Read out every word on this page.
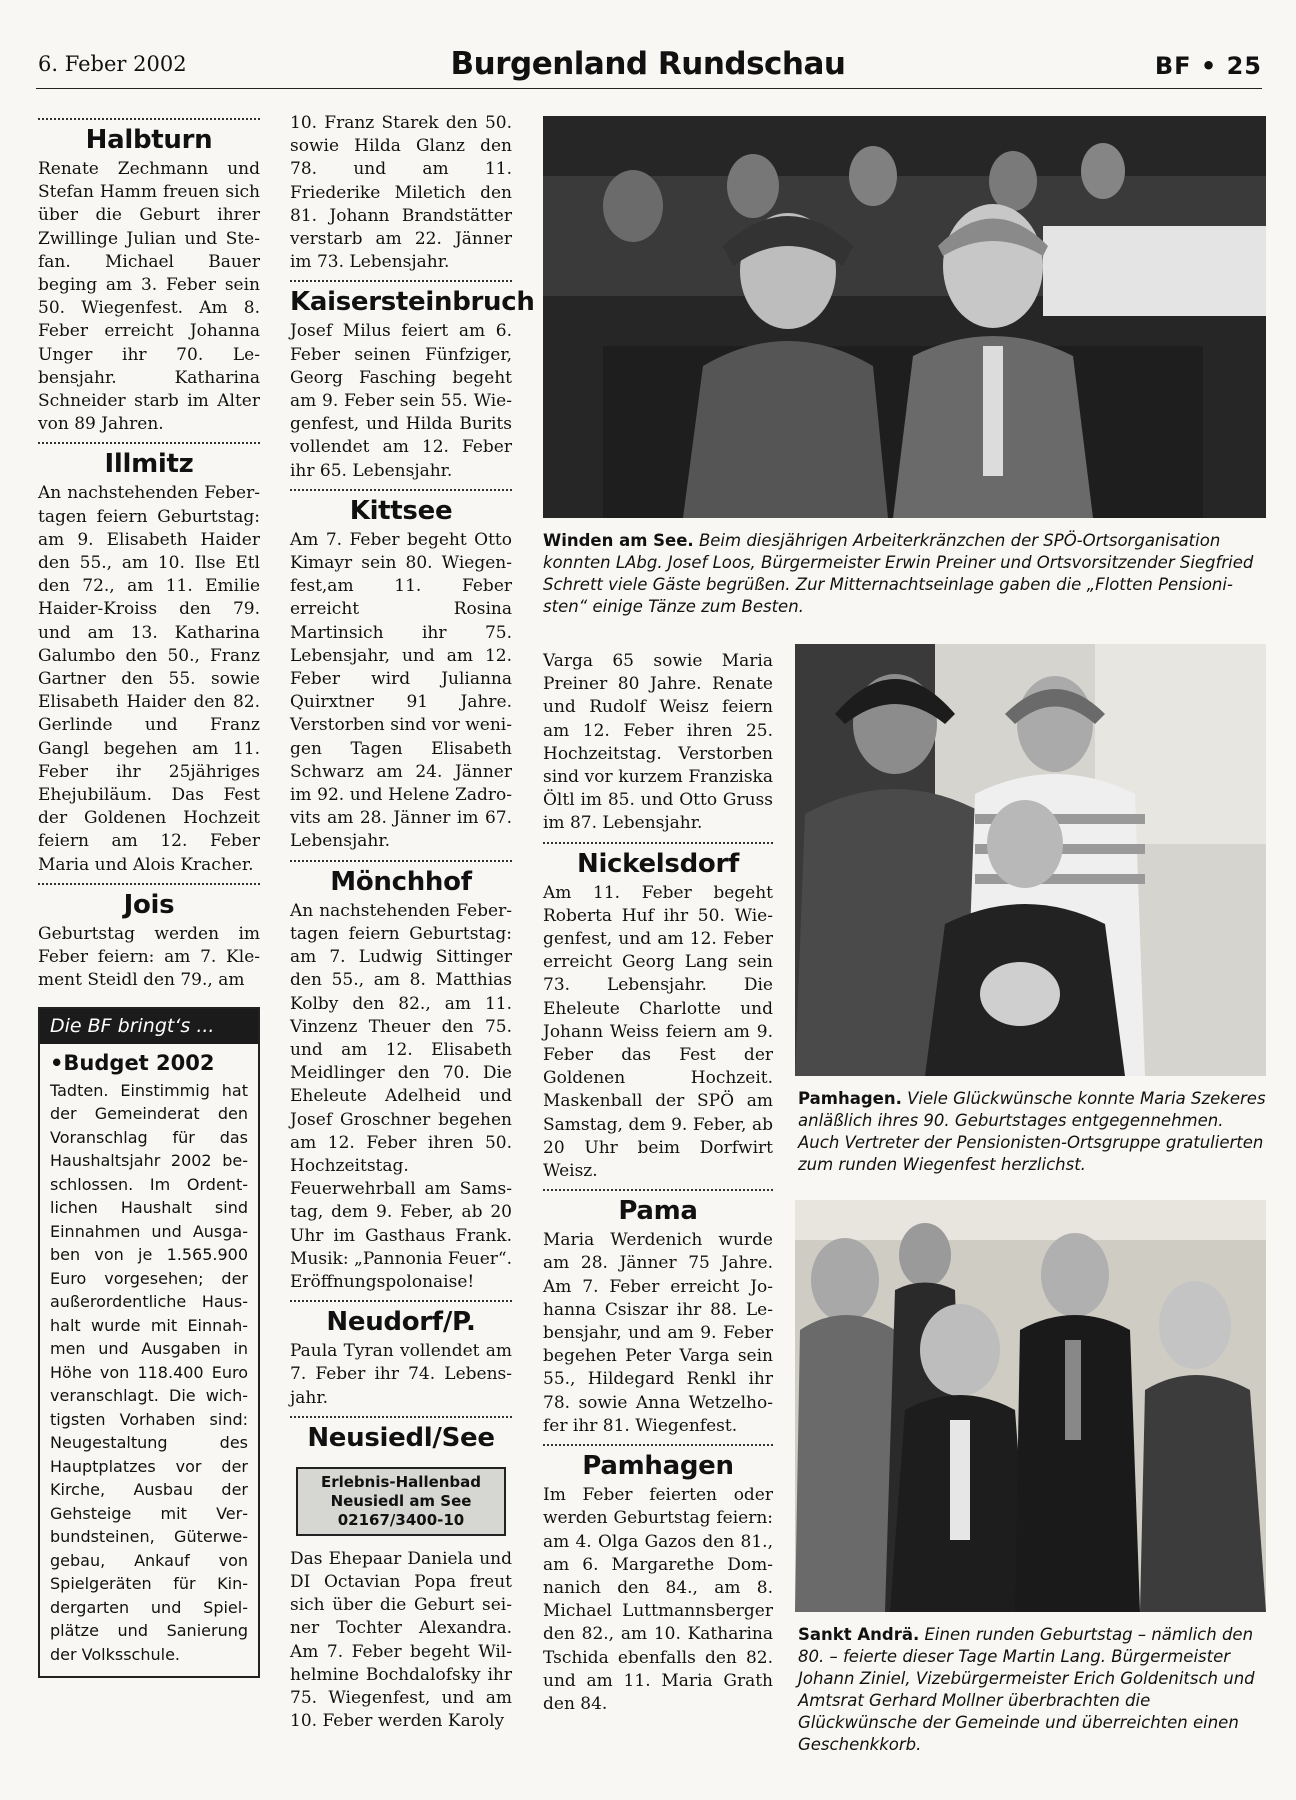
6. Feber 2002	Burgenland Rundschau	BF • 25
Halbturn

Renate Zechmann und Stefan Hamm freuen sich über die Geburt ihrer Zwillinge Julian und Stefan. Michael Bauer beging am 3. Feber sein 50. Wiegenfest. Am 8. Feber erreicht Johanna Unger ihr 70. Lebensjahr. Katharina Schneider starb im Alter von 89 Jahren.

Illmitz

An nachstehenden Febertagen feiern Geburtstag: am 9. Elisabeth Haider den 55., am 10. Ilse Etl den 72., am 11. Emilie Haider-Kroiss den 79. und am 13. Katharina Galumbo den 50., Franz Gartner den 55. sowie Elisabeth Haider den 82. Gerlinde und Franz Gangl begehen am 11. Feber ihr 25jähriges Ehejubiläum. Das Fest der Goldenen Hochzeit feiern am 12. Feber Maria und Alois Kracher.

Jois

Geburtstag werden im Feber feiern: am 7. Klement Steidl den 79., am

Die BF bringt‘s ...
•Budget 2002

Tadten. Einstimmig hat der Gemeinderat den Voranschlag für das Haushaltsjahr 2002 beschlossen. Im Ordentlichen Haushalt sind Einnahmen und Ausgaben von je 1.565.900 Euro vorgesehen; der außerordentliche Haushalt wurde mit Einnahmen und Ausgaben in Höhe von 118.400 Euro veranschlagt. Die wichtigsten Vorhaben sind: Neugestaltung des Hauptplatzes vor der Kirche, Ausbau der Gehsteige mit Verbundsteinen, Güterwegebau, Ankauf von Spielgeräten für Kindergarten und Spielplätze und Sanierung der Volksschule.

10. Franz Starek den 50. sowie Hilda Glanz den 78. und am 11. Friederike Miletich den 81. Johann Brandstätter verstarb am 22. Jänner im 73. Lebensjahr.

Kaisersteinbruch

Josef Milus feiert am 6. Feber seinen Fünfziger, Georg Fasching begeht am 9. Feber sein 55. Wiegenfest, und Hilda Burits vollendet am 12. Feber ihr 65. Lebensjahr.

Kittsee

Am 7. Feber begeht Otto Kimayr sein 80. Wiegenfest,am 11. Feber erreicht Rosina Martinsich ihr 75. Lebensjahr, und am 12. Feber wird Julianna Quirxtner 91 Jahre. Verstorben sind vor wenigen Tagen Elisabeth Schwarz am 24. Jänner im 92. und Helene Zadrovits am 28. Jänner im 67. Lebensjahr.

Mönchhof

An nachstehenden Febertagen feiern Geburtstag: am 7. Ludwig Sittinger den 55., am 8. Matthias Kolby den 82., am 11. Vinzenz Theuer den 75. und am 12. Elisabeth Meidlinger den 70. Die Eheleute Adelheid und Josef Groschner begehen am 12. Feber ihren 50. Hochzeitstag. Feuerwehrball am Samstag, dem 9. Feber, ab 20 Uhr im Gasthaus Frank. Musik: „Pannonia Feuer“. Eröffnungspolonaise!

Neudorf/P.

Paula Tyran vollendet am 7. Feber ihr 74. Lebensjahr.

Neusiedl/See
Erlebnis-Hallenbad
Neusiedl am See
02167/3400-10

Das Ehepaar Daniela und DI Octavian Popa freut sich über die Geburt seiner Tochter Alexandra. Am 7. Feber begeht Wilhelmine Bochdalofsky ihr 75. Wiegenfest, und am 10. Feber werden Karoly

Varga 65 sowie Maria Preiner 80 Jahre. Renate und Rudolf Weisz feiern am 12. Feber ihren 25. Hochzeitstag. Verstorben sind vor kurzem Franziska Öltl im 85. und Otto Gruss im 87. Lebensjahr.

Nickelsdorf

Am 11. Feber begeht Roberta Huf ihr 50. Wiegenfest, und am 12. Feber erreicht Georg Lang sein 73. Lebensjahr. Die Eheleute Charlotte und Johann Weiss feiern am 9. Feber das Fest der Goldenen Hochzeit. Maskenball der SPÖ am Samstag, dem 9. Feber, ab 20 Uhr beim Dorfwirt Weisz.

Pama

Maria Werdenich wurde am 28. Jänner 75 Jahre. Am 7. Feber erreicht Johanna Csiszar ihr 88. Lebensjahr, und am 9. Feber begehen Peter Varga sein 55., Hildegard Renkl ihr 78. sowie Anna Wetzelhofer ihr 81. Wiegenfest.

Pamhagen

Im Feber feierten oder werden Geburtstag feiern: am 4. Olga Gazos den 81., am 6. Margarethe Domnanich den 84., am 8. Michael Luttmannsberger den 82., am 10. Katharina Tschida ebenfalls den 82. und am 11. Maria Grath den 84.

Winden am See. Beim diesjährigen Arbeiterkränzchen der SPÖ-Ortsorganisation konnten LAbg. Josef Loos, Bürgermeister Erwin Preiner und Ortsvorsitzender Siegfried Schrett viele Gäste begrüßen. Zur Mitternachtseinlage gaben die „Flotten Pensionisten“ einige Tänze zum Besten.
Pamhagen. Viele Glückwünsche konnte Maria Szekeres anläßlich ihres 90. Geburtstages entgegennehmen. Auch Vertreter der Pensionisten-Ortsgruppe gratulierten zum runden Wiegenfest herzlichst.
Sankt Andrä. Einen runden Geburtstag – nämlich den 80. – feierte dieser Tage Martin Lang. Bürgermeister Johann Ziniel, Vizebürgermeister Erich Goldenitsch und Amtsrat Gerhard Mollner überbrachten die Glückwünsche der Gemeinde und überreichten einen Geschenkkorb.
